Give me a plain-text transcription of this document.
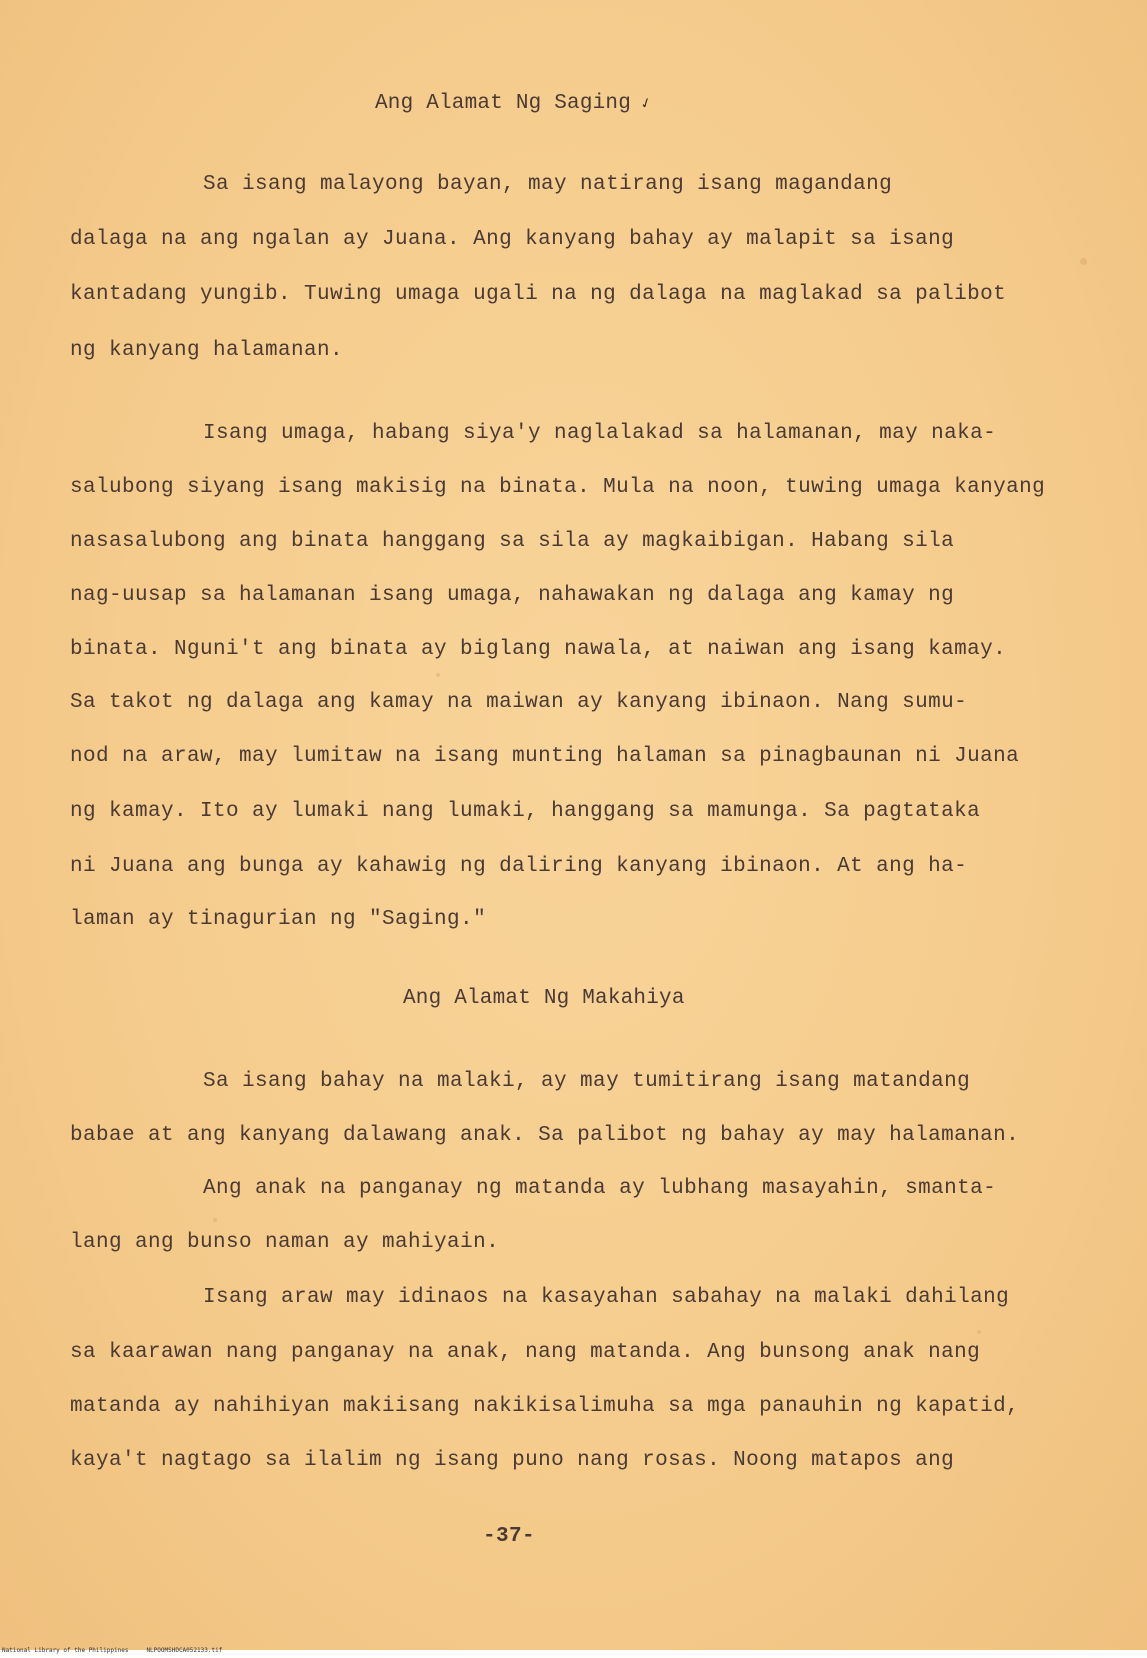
Ang Alamat Ng Saging ✓

Sa isang malayong bayan, may natirang isang magandang

dalaga na ang ngalan ay Juana. Ang kanyang bahay ay malapit sa isang

kantadang yungib. Tuwing umaga ugali na ng dalaga na maglakad sa palibot

ng kanyang halamanan.

Isang umaga, habang siya'y naglalakad sa halamanan, may naka-

salubong siyang isang makisig na binata. Mula na noon, tuwing umaga kanyang

nasasalubong ang binata hanggang sa sila ay magkaibigan. Habang sila

nag-uusap sa halamanan isang umaga, nahawakan ng dalaga ang kamay ng

binata. Nguni't ang binata ay biglang nawala, at naiwan ang isang kamay.

Sa takot ng dalaga ang kamay na maiwan ay kanyang ibinaon. Nang sumu-

nod na araw, may lumitaw na isang munting halaman sa pinagbaunan ni Juana

ng kamay. Ito ay lumaki nang lumaki, hanggang sa mamunga. Sa pagtataka

ni Juana ang bunga ay kahawig ng daliring kanyang ibinaon. At ang ha-

laman ay tinagurian ng "Saging."

Ang Alamat Ng Makahiya

Sa isang bahay na malaki, ay may tumitirang isang matandang

babae at ang kanyang dalawang anak. Sa palibot ng bahay ay may halamanan.

Ang anak na panganay ng matanda ay lubhang masayahin, smanta-

lang ang bunso naman ay mahiyain.

Isang araw may idinaos na kasayahan sabahay na malaki dahilang

sa kaarawan nang panganay na anak, nang matanda. Ang bunsong anak nang

matanda ay nahihiyan makiisang nakikisalimuha sa mga panauhin ng kapatid,

kaya't nagtago sa ilalim ng isang puno nang rosas. Noong matapos ang

-37-

National Library of the Philippines	NLPOOMSHDCA052133.tif
